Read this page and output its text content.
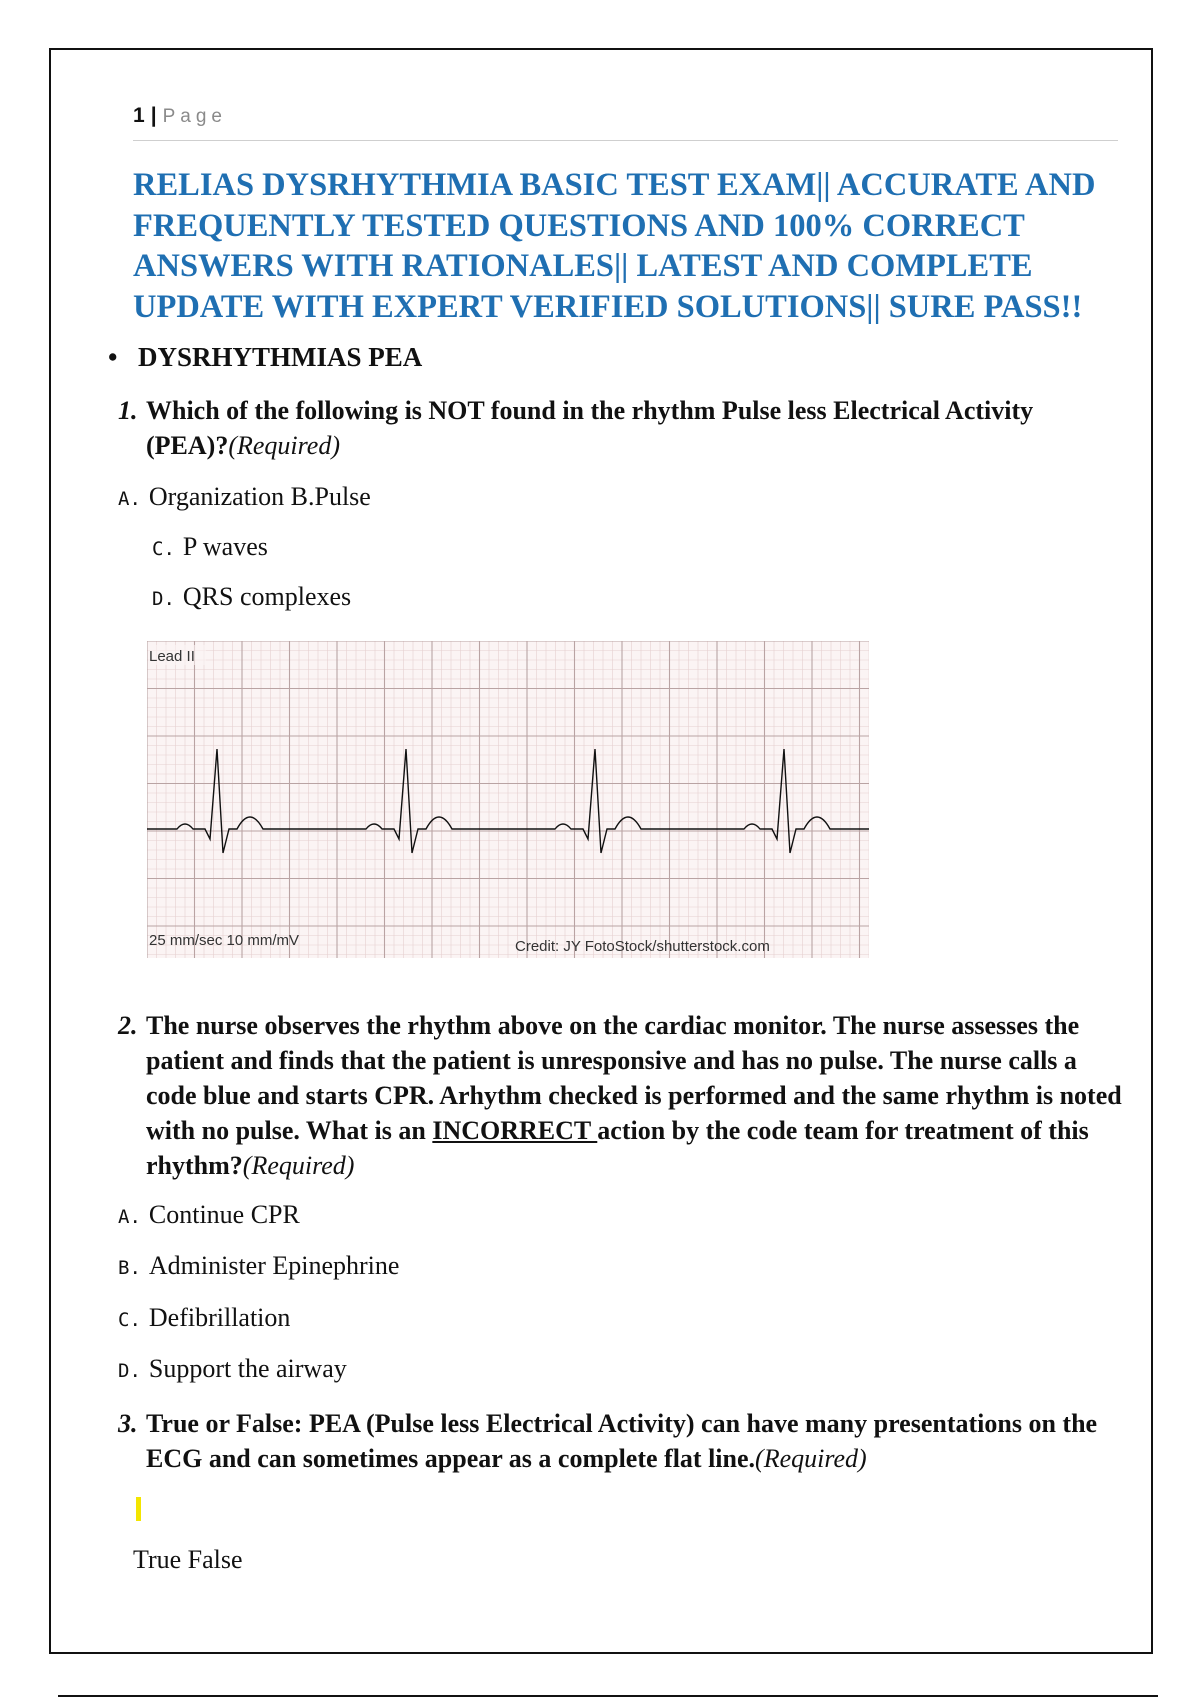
1 | Page
RELIAS DYSRHYTHMIA BASIC TEST EXAM|| ACCURATE AND FREQUENTLY TESTED QUESTIONS AND 100% CORRECT ANSWERS WITH RATIONALES|| LATEST AND COMPLETE UPDATE WITH EXPERT VERIFIED SOLUTIONS|| SURE PASS!!
• DYSRHYTHMIAS PEA
1. Which of the following is NOT found in the rhythm Pulse less Electrical Activity (PEA)?(Required)
A. Organization B.Pulse
C. P waves
D. QRS complexes
Lead II
25 mm/sec 10 mm/mV	Credit: JY FotoStock/shutterstock.com
2. The nurse observes the rhythm above on the cardiac monitor. The nurse assesses the patient and finds that the patient is unresponsive and has no pulse. The nurse calls a code blue and starts CPR. Arhythm checked is performed and the same rhythm is noted with no pulse. What is an INCORRECT action by the code team for treatment of this rhythm?(Required)
A. Continue CPR
B. Administer Epinephrine
C. Defibrillation
D. Support the airway
3. True or False: PEA (Pulse less Electrical Activity) can have many presentations on the ECG and can sometimes appear as a complete flat line.(Required)
True False
